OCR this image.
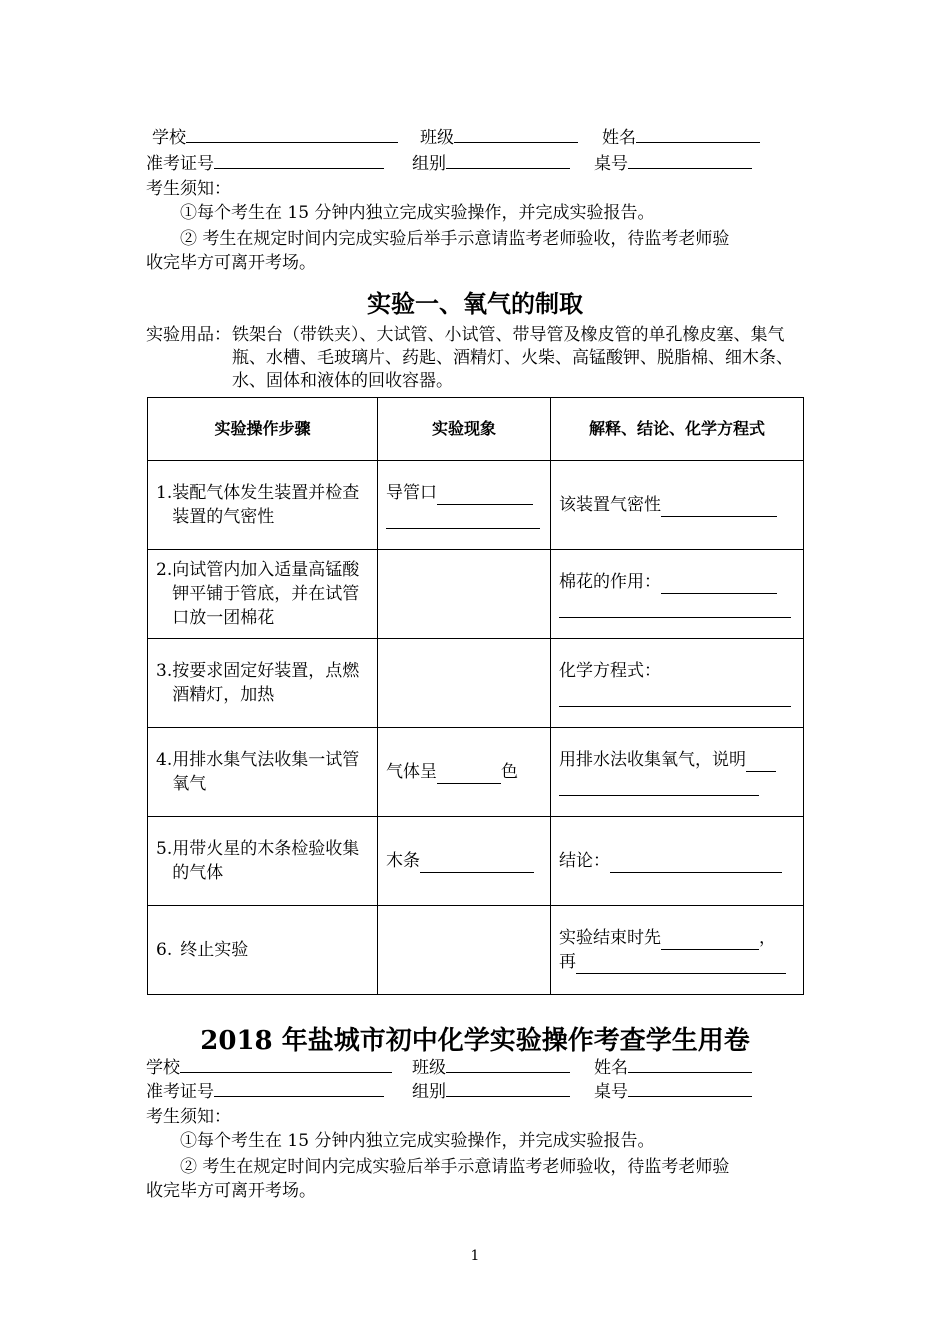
学校	班级	姓名
准考证号	组别	桌号
考生须知：
①每个考生在 15 分钟内独立完成实验操作，并完成实验报告。
② 考生在规定时间内完成实验后举手示意请监考老师验收，待监考老师验
收完毕方可离开考场。
实验一、氧气的制取
实验用品： 铁架台（带铁夹）、大试管、小试管、带导管及橡皮管的单孔橡皮塞、集气瓶、水槽、毛玻璃片、药匙、酒精灯、火柴、高锰酸钾、脱脂棉、细木条、水、固体和液体的回收容器。
实验操作步骤	实验现象	解释、结论、化学方程式

1. 装配气体发生装置并检查装置的气密性	导管口	该装置气密性

2. 向试管内加入适量高锰酸钾平铺于管底，并在试管口放一团棉花		棉花的作用：

3. 按要求固定好装置，点燃酒精灯，加热		化学方程式：

4. 用排水集气法收集一试管氧气	气体呈 色	用排水法收集氧气，说明

5. 用带火星的木条检验收集的气体	木条	结论：

6. 终止实验		实验结束时先 ，
再
2018 年盐城市初中化学实验操作考查学生用卷
学校	班级	姓名
准考证号	组别	桌号
考生须知：
①每个考生在 15 分钟内独立完成实验操作，并完成实验报告。
② 考生在规定时间内完成实验后举手示意请监考老师验收，待监考老师验
收完毕方可离开考场。
1
